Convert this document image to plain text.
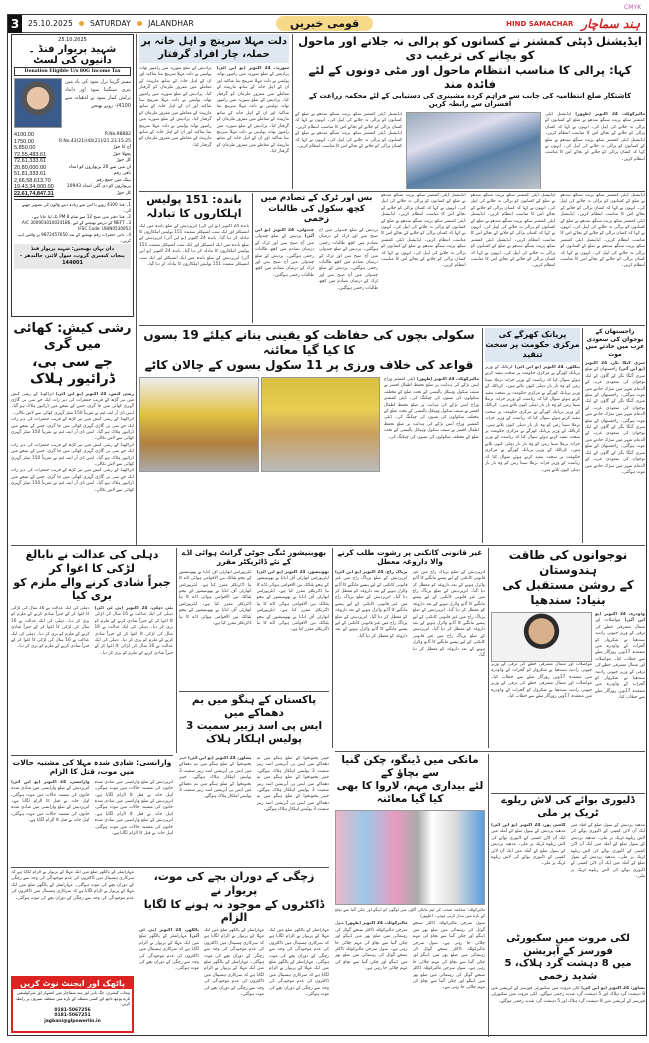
CMYK
3	25.10.2025 SATURDAY JALANDHAR	قومی خبریں	HIND SAMACHAR ہند سماچار
25.10.2025
شہید پریوار فنڈ ۔ دانیوں کی لسٹ
Donation Eligible U/s 80G Income Tax
مسز گریبا نرل سود کی یاد میں پتری سنگیتا سود اور داماد ترلش کمار سود نے لدھیانہ سے 4100/- روپے بھیجے
4100.00	R.No.98882
1750.00	R.No.43(21)/44(21)/21.23.15.25
5,850.00	آج کا جوڑ
72,55,483.61	پچھلا جوڑ
72,61,333.61	کل جوڑ
20,80,000.00	ان میں سے 20 پریواروں کو امداد
51,81,333.61	باقی رقم
2,66,58,613.70	بینک میں جمع رقم
19,43,34,900.00	10943 پریواروں کو دی گئی امداد
22,61,74,847.31	کل جوڑ
1۔ فنڈ 4100 روپے یا اس سے زیادہ دینے والوں کی تصویر چھپے گی۔
2۔ فنڈ دفتر میں صبح 12 سے شام 8 PM تک لیا جاتا ہے۔
3۔ NEFT کے ذریعے بھیجنے کے لیے A/C 300903010024186, IFSC Code: UBIN0530952
4۔ دانی حضرات رقم بھیجنے کے بعد 9872457650 پر واٹس ایپ کریں۔
دان یہاں بھیجیں: شہید پریوار فنڈ
پنجاب کیسری گروپ، سول لائنز، جالندھر - 144001
رشی کیش: کھائی میں گری
جے سی بی، ڈرائیور ہلاک
رشی کیش، 24 اکتوبر (یو این آئی) اتراکھنڈ کے رشی کیش میں نیر گڑھ کے قریب جمعرات کی دیر رات ایک جے سی بی گاڑی گہری کھائی میں جا گری، جس کے نتیجے میں ڈرائیور ہلاک ہو گیا۔ ایس ڈی آر ایف ٹیم نے تقریباً 150 میٹر گہری کھائی سے لاش نکالی۔
اتراکھنڈ کے رشی کیش میں نیر گڑھ کے قریب جمعرات کی دیر رات ایک جے سی بی گاڑی گہری کھائی میں جا گری، جس کے نتیجے میں ڈرائیور ہلاک ہو گیا۔ ایس ڈی آر ایف ٹیم نے تقریباً 150 میٹر گہری کھائی سے لاش نکالی۔
اتراکھنڈ کے رشی کیش میں نیر گڑھ کے قریب جمعرات کی دیر رات ایک جے سی بی گاڑی گہری کھائی میں جا گری، جس کے نتیجے میں ڈرائیور ہلاک ہو گیا۔ ایس ڈی آر ایف ٹیم نے تقریباً 150 میٹر گہری کھائی سے لاش نکالی۔
اتراکھنڈ کے رشی کیش میں نیر گڑھ کے قریب جمعرات کی دیر رات ایک جے سی بی گاڑی گہری کھائی میں جا گری، جس کے نتیجے میں ڈرائیور ہلاک ہو گیا۔ ایس ڈی آر ایف ٹیم نے تقریباً 150 میٹر گہری کھائی سے لاش نکالی۔
دلت مہلا سرپنچ و اہل خانہ پر حملہ، چار افراد گرفتار
سوریہ، 24 اکتوبر (یو این آئی) پرادیش کے ضلع سوریہ میں رامپور تھانہ پولیس نے دلت مہلا سرپنچ نیتا شاکیہ اور ان کے اہل خانہ کے ساتھ مارپیٹ کے معاملے میں مفرور ملزمان کو گرفتار کیا۔ پرادیش کے ضلع سوریہ میں رامپور تھانہ پولیس نے دلت مہلا سرپنچ نیتا شاکیہ اور ان کے اہل خانہ کے ساتھ مارپیٹ کے معاملے میں مفرور ملزمان کو گرفتار کیا۔ پرادیش کے ضلع سوریہ میں رامپور تھانہ پولیس نے دلت مہلا سرپنچ نیتا شاکیہ اور ان کے اہل خانہ کے ساتھ مارپیٹ کے معاملے میں مفرور ملزمان کو گرفتار کیا۔
پرادیش کے ضلع سوریہ میں رامپور تھانہ پولیس نے دلت مہلا سرپنچ نیتا شاکیہ اور ان کے اہل خانہ کے ساتھ مارپیٹ کے معاملے میں مفرور ملزمان کو گرفتار کیا۔ پرادیش کے ضلع سوریہ میں رامپور تھانہ پولیس نے دلت مہلا سرپنچ نیتا شاکیہ اور ان کے اہل خانہ کے ساتھ مارپیٹ کے معاملے میں مفرور ملزمان کو گرفتار کیا۔ پرادیش کے ضلع سوریہ میں رامپور تھانہ پولیس نے دلت مہلا سرپنچ نیتا شاکیہ اور ان کے اہل خانہ کے ساتھ مارپیٹ کے معاملے میں مفرور ملزمان کو گرفتار کیا۔
ایڈیشنل ڈپٹی کمشنر نے کسانوں کو پرالی نہ جلانے اور ماحول کو بچانے کی ترغیب دی
کہا: پرالی کا مناسب انتظام ماحول اور مٹی دونوں کے لئے فائدہ مند
کاشتکار ضلع انتظامیہ کی جانب سے فراہم کردہ مشینری کی دستیابی کے لئے محکمہ زراعت کے افسران سے رابطہ کریں
مالیرکوٹلہ، 24 اکتوبر (طہور) ایڈیشنل ڈپٹی کمشنر سکھ پریت سنگھ سدھو نے ضلع کے کسانوں کو پرالی نہ جلانے کی اپیل کی۔ انہوں نے کہا کہ کسان پرالی کو جلانے کے بجائے اس کا مناسب انتظام کریں۔ ایڈیشنل ڈپٹی کمشنر سکھ پریت سنگھ سدھو نے ضلع کے کسانوں کو پرالی نہ جلانے کی اپیل کی۔ انہوں نے کہا کہ کسان پرالی کو جلانے کے بجائے اس کا مناسب انتظام کریں۔
ایڈیشنل ڈپٹی کمشنر سکھ پریت سنگھ سدھو نے ضلع کے کسانوں کو پرالی نہ جلانے کی اپیل کی۔ انہوں نے کہا کہ کسان پرالی کو جلانے کے بجائے اس کا مناسب انتظام کریں۔ ایڈیشنل ڈپٹی کمشنر سکھ پریت سنگھ سدھو نے ضلع کے کسانوں کو پرالی نہ جلانے کی اپیل کی۔ انہوں نے کہا کہ کسان پرالی کو جلانے کے بجائے اس کا مناسب انتظام کریں۔
ایڈیشنل ڈپٹی کمشنر سکھ پریت سنگھ سدھو نے ضلع کے کسانوں کو پرالی نہ جلانے کی اپیل کی۔ انہوں نے کہا کہ کسان پرالی کو جلانے کے بجائے اس کا مناسب انتظام کریں۔ ایڈیشنل ڈپٹی کمشنر سکھ پریت سنگھ سدھو نے ضلع کے کسانوں کو پرالی نہ جلانے کی اپیل کی۔ انہوں نے کہا کہ کسان پرالی کو جلانے کے بجائے اس کا مناسب انتظام کریں۔ ایڈیشنل ڈپٹی کمشنر سکھ پریت سنگھ سدھو نے ضلع کے کسانوں کو پرالی نہ جلانے کی اپیل کی۔ انہوں نے کہا کہ کسان پرالی کو جلانے کے بجائے اس کا مناسب انتظام کریں۔
ایڈیشنل ڈپٹی کمشنر سکھ پریت سنگھ سدھو نے ضلع کے کسانوں کو پرالی نہ جلانے کی اپیل کی۔ انہوں نے کہا کہ کسان پرالی کو جلانے کے بجائے اس کا مناسب انتظام کریں۔ ایڈیشنل ڈپٹی کمشنر سکھ پریت سنگھ سدھو نے ضلع کے کسانوں کو پرالی نہ جلانے کی اپیل کی۔ انہوں نے کہا کہ کسان پرالی کو جلانے کے بجائے اس کا مناسب انتظام کریں۔ ایڈیشنل ڈپٹی کمشنر سکھ پریت سنگھ سدھو نے ضلع کے کسانوں کو پرالی نہ جلانے کی اپیل کی۔ انہوں نے کہا کہ کسان پرالی کو جلانے کے بجائے اس کا مناسب انتظام کریں۔
ایڈیشنل ڈپٹی کمشنر سکھ پریت سنگھ سدھو نے ضلع کے کسانوں کو پرالی نہ جلانے کی اپیل کی۔ انہوں نے کہا کہ کسان پرالی کو جلانے کے بجائے اس کا مناسب انتظام کریں۔ ایڈیشنل ڈپٹی کمشنر سکھ پریت سنگھ سدھو نے ضلع کے کسانوں کو پرالی نہ جلانے کی اپیل کی۔ انہوں نے کہا کہ کسان پرالی کو جلانے کے بجائے اس کا مناسب انتظام کریں۔ ایڈیشنل ڈپٹی کمشنر سکھ پریت سنگھ سدھو نے ضلع کے کسانوں کو پرالی نہ جلانے کی اپیل کی۔ انہوں نے کہا کہ کسان پرالی کو جلانے کے بجائے اس کا مناسب انتظام کریں۔
باندہ: 151 پولیس
اہلکاروں کا تبادلہ
باندہ 24 اکتوبر (یو این آئی) اترپردیش کے ضلع باندہ میں ایک انسپکٹر اور ایک سب انسپکٹر سمیت 151 پولیس اہلکاروں کا تبادلہ کر دیا گیا۔ باندہ 24 اکتوبر (یو این آئی) اترپردیش کے ضلع باندہ میں ایک انسپکٹر اور ایک سب انسپکٹر سمیت 151 پولیس اہلکاروں کا تبادلہ کر دیا گیا۔ باندہ 24 اکتوبر (یو این آئی) اترپردیش کے ضلع باندہ میں ایک انسپکٹر اور ایک سب انسپکٹر سمیت 151 پولیس اہلکاروں کا تبادلہ کر دیا گیا۔
بس اور ٹرک کے تصادم میں کچھ سکول کی طالبات زخمی
پردیش کے ضلع چندولی میں آج صبح بس اور ٹرک کے درمیان تصادم میں کچھ طالبات زخمی ہوگئیں۔ پردیش کے ضلع چندولی میں آج صبح بس اور ٹرک کے درمیان تصادم میں کچھ طالبات زخمی ہوگئیں۔ پردیش کے ضلع چندولی میں آج صبح بس اور ٹرک کے درمیان تصادم میں کچھ طالبات زخمی ہوگئیں۔
چندولی، 24 اکتوبر (یو این آئی) پردیش کے ضلع چندولی میں آج صبح بس اور ٹرک کے درمیان تصادم میں کچھ طالبات زخمی ہوگئیں۔ پردیش کے ضلع چندولی میں آج صبح بس اور ٹرک کے درمیان تصادم میں کچھ طالبات زخمی ہوگئیں۔
سکولی بچوں کی حفاظت کو یقینی بنانے کیلئے 19 بسوں کا کیا گیا معائنہ
قواعد کی خلاف ورزی پر 11 سکول بسوں کے چالان کاٹے
مالیرکوٹلہ، 24 اکتوبر (طہور) ڈپٹی کمشنر وراج ایس تڑکے کی ہدایت پر ضلع تحفظ اطفال افسر نے سیف سکول وہیکل پالیسی کے تحت ضلع کے مختلف سکولوں کی بسوں کی چیکنگ کی۔ ڈپٹی کمشنر وراج ایس تڑکے کی ہدایت پر ضلع تحفظ اطفال افسر نے سیف سکول وہیکل پالیسی کے تحت ضلع کے مختلف سکولوں کی بسوں کی چیکنگ کی۔ ڈپٹی کمشنر وراج ایس تڑکے کی ہدایت پر ضلع تحفظ اطفال افسر نے سیف سکول وہیکل پالیسی کے تحت ضلع کے مختلف سکولوں کی بسوں کی چیکنگ کی۔
پریانک کھرگے کی مرکزی حکومت پر سخت تنقید
بنگلور، 24 اکتوبر (یو این آئی) کرناٹک کے وزیر پریانک کھرگے نے مرکزی حکومت پر سخت تنقید کرتے ہوئے سوال کیا کہ ریاست کے وزیر خزانہ نرملا سیتا رمن کو وہ بار بار دہلی کیوں بلاتے ہیں۔ کرناٹک کے وزیر پریانک کھرگے نے مرکزی حکومت پر سخت تنقید کرتے ہوئے سوال کیا کہ ریاست کے وزیر خزانہ نرملا سیتا رمن کو وہ بار بار دہلی کیوں بلاتے ہیں۔ کرناٹک کے وزیر پریانک کھرگے نے مرکزی حکومت پر سخت تنقید کرتے ہوئے سوال کیا کہ ریاست کے وزیر خزانہ نرملا سیتا رمن کو وہ بار بار دہلی کیوں بلاتے ہیں۔ کرناٹک کے وزیر پریانک کھرگے نے مرکزی حکومت پر سخت تنقید کرتے ہوئے سوال کیا کہ ریاست کے وزیر خزانہ نرملا سیتا رمن کو وہ بار بار دہلی کیوں بلاتے ہیں۔ کرناٹک کے وزیر پریانک کھرگے نے مرکزی حکومت پر سخت تنقید کرتے ہوئے سوال کیا کہ ریاست کے وزیر خزانہ نرملا سیتا رمن کو وہ بار بار دہلی کیوں بلاتے ہیں۔
راجستھان کے نوجوان کی سعودی عرب میں حادثے میں موت
سری گنگا نگر، 24 اکتوبر (یو این آئی) راجستھان کے ضلع سری گنگا نگر کے گاؤں کے ایک نوجوان کی سعودی عرب کے الدمام شہر میں سڑک حادثے میں موت ہوگئی۔ راجستھان کے ضلع سری گنگا نگر کے گاؤں کے ایک نوجوان کی سعودی عرب کے الدمام شہر میں سڑک حادثے میں موت ہوگئی۔ راجستھان کے ضلع سری گنگا نگر کے گاؤں کے ایک نوجوان کی سعودی عرب کے الدمام شہر میں سڑک حادثے میں موت ہوگئی۔ راجستھان کے ضلع سری گنگا نگر کے گاؤں کے ایک نوجوان کی سعودی عرب کے الدمام شہر میں سڑک حادثے میں موت ہوگئی۔
دہلی کی عدالت نے نابالغ لڑکی کا اغوا کر
جبراً شادی کرنے والے ملزم کو بری کیا
نئی دہلی، 24 اکتوبر (پی ٹی آئی) دہلی کی ایک عدالت نے 16 سال کی لڑکی کا اغوا کر کے جبراً شادی کرنے کے ملزم کو بری کر دیا۔ دہلی کی ایک عدالت نے 16 سال کی لڑکی کا اغوا کر کے جبراً شادی کرنے کے ملزم کو بری کر دیا۔ دہلی کی ایک عدالت نے 16 سال کی لڑکی کا اغوا کر کے جبراً شادی کرنے کے ملزم کو بری کر دیا۔
دہلی کی ایک عدالت نے 16 سال کی لڑکی کا اغوا کر کے جبراً شادی کرنے کے ملزم کو بری کر دیا۔ دہلی کی ایک عدالت نے 16 سال کی لڑکی کا اغوا کر کے جبراً شادی کرنے کے ملزم کو بری کر دیا۔ دہلی کی ایک عدالت نے 16 سال کی لڑکی کا اغوا کر کے جبراً شادی کرنے کے ملزم کو بری کر دیا۔
بھوبنیشور ٹنگی جوٹی گرانٹ ہوائی اڈے کے نئے ڈائریکٹر مقرر
بھونیشور، 24 اکتوبر (یو این آئی) ایئرپورٹس اتھارٹی آف انڈیا نے بھوبنیشور کے بیجو پٹنائک بین الاقوامی ہوائی اڈے کا نیا ڈائریکٹر مقرر کیا ہے۔ ایئرپورٹس اتھارٹی آف انڈیا نے بھوبنیشور کے بیجو پٹنائک بین الاقوامی ہوائی اڈے کا نیا ڈائریکٹر مقرر کیا ہے۔ ایئرپورٹس اتھارٹی آف انڈیا نے بھوبنیشور کے بیجو پٹنائک بین الاقوامی ہوائی اڈے کا نیا ڈائریکٹر مقرر کیا ہے۔
ایئرپورٹس اتھارٹی آف انڈیا نے بھوبنیشور کے بیجو پٹنائک بین الاقوامی ہوائی اڈے کا نیا ڈائریکٹر مقرر کیا ہے۔ ایئرپورٹس اتھارٹی آف انڈیا نے بھوبنیشور کے بیجو پٹنائک بین الاقوامی ہوائی اڈے کا نیا ڈائریکٹر مقرر کیا ہے۔ ایئرپورٹس اتھارٹی آف انڈیا نے بھوبنیشور کے بیجو پٹنائک بین الاقوامی ہوائی اڈے کا نیا ڈائریکٹر مقرر کیا ہے۔
غیر قانونی کانکنی پر رشوت طلب کرنے والا داروغہ معطل
اترپردیش کے ضلع پریاگ راج میں غیر قانونی کانکنی کے لیے پیسے مانگنے کا آڈیو وائرل ہونے کے بعد داروغہ کو معطل کر دیا گیا۔ اترپردیش کے ضلع پریاگ راج میں غیر قانونی کانکنی کے لیے پیسے مانگنے کا آڈیو وائرل ہونے کے بعد داروغہ کو معطل کر دیا گیا۔ اترپردیش کے ضلع پریاگ راج میں غیر قانونی کانکنی کے لیے پیسے مانگنے کا آڈیو وائرل ہونے کے بعد داروغہ کو معطل کر دیا گیا۔ اترپردیش کے ضلع پریاگ راج میں غیر قانونی کانکنی کے لیے پیسے مانگنے کا آڈیو وائرل ہونے کے بعد داروغہ کو معطل کر دیا گیا۔
پریاگ راج، 24 اکتوبر (یو این آئی) اترپردیش کے ضلع پریاگ راج میں غیر قانونی کانکنی کے لیے پیسے مانگنے کا آڈیو وائرل ہونے کے بعد داروغہ کو معطل کر دیا گیا۔ اترپردیش کے ضلع پریاگ راج میں غیر قانونی کانکنی کے لیے پیسے مانگنے کا آڈیو وائرل ہونے کے بعد داروغہ کو معطل کر دیا گیا۔ اترپردیش کے ضلع پریاگ راج میں غیر قانونی کانکنی کے لیے پیسے مانگنے کا آڈیو وائرل ہونے کے بعد داروغہ کو معطل کر دیا گیا۔
نوجوانوں کی طاقت ہندوستان
کے روشن مستقبل کی بنیاد: سندھیا
وڈودرہ، 24 اکتوبر (یو این آئی) مواصلات اور شمال مشرقی خطے کی ترقی کے وزیر جیوتی رادتیہ سندھیا نے شکروار کو گجرات کے وڈودرہ میں منعقدہ 17ویں روزگار میلے سے خطاب کیا۔ مواصلات اور شمال مشرقی خطے کی ترقی کے وزیر جیوتی رادتیہ سندھیا نے شکروار کو گجرات کے وڈودرہ میں منعقدہ 17ویں روزگار میلے سے خطاب کیا۔
مواصلات اور شمال مشرقی خطے کی ترقی کے وزیر جیوتی رادتیہ سندھیا نے شکروار کو گجرات کے وڈودرہ میں منعقدہ 17ویں روزگار میلے سے خطاب کیا۔ مواصلات اور شمال مشرقی خطے کی ترقی کے وزیر جیوتی رادتیہ سندھیا نے شکروار کو گجرات کے وڈودرہ میں منعقدہ 17ویں روزگار میلے سے خطاب کیا۔
پاکستان کے ہنگو میں بم دھماکے میں
ایس پی اسد زبیر سمیت 3 پولیس اہلکار ہلاک
وارانسی: شادی شدہ مہلا کی مشتبہ حالات میں موت، قتل کا الزام
اترپردیش کے ضلع وارانسی میں شادی شدہ خاتون کی مشتبہ حالات میں موت ہوگئی، اہل خانہ نے قتل کا الزام لگایا ہے۔ اترپردیش کے ضلع وارانسی میں شادی شدہ خاتون کی مشتبہ حالات میں موت ہوگئی، اہل خانہ نے قتل کا الزام لگایا ہے۔ اترپردیش کے ضلع وارانسی میں شادی شدہ خاتون کی مشتبہ حالات میں موت ہوگئی، اہل خانہ نے قتل کا الزام لگایا ہے۔
وارانسی، 24 اکتوبر (یو این آئی) اترپردیش کے ضلع وارانسی میں شادی شدہ خاتون کی مشتبہ حالات میں موت ہوگئی، اہل خانہ نے قتل کا الزام لگایا ہے۔ اترپردیش کے ضلع وارانسی میں شادی شدہ خاتون کی مشتبہ حالات میں موت ہوگئی، اہل خانہ نے قتل کا الزام لگایا ہے۔
خیبر پختونخوا کے ضلع ہنگو میں بم دھماکے میں ایس پی آپریشن اسد زبیر سمیت 3 پولیس اہلکار ہلاک ہوگئے۔ خیبر پختونخوا کے ضلع ہنگو میں بم دھماکے میں ایس پی آپریشن اسد زبیر سمیت 3 پولیس اہلکار ہلاک ہوگئے۔ خیبر پختونخوا کے ضلع ہنگو میں بم دھماکے میں ایس پی آپریشن اسد زبیر سمیت 3 پولیس اہلکار ہلاک ہوگئے۔
پشاور، 24 اکتوبر (یو این آئی) خیبر پختونخوا کے ضلع ہنگو میں بم دھماکے میں ایس پی آپریشن اسد زبیر سمیت 3 پولیس اہلکار ہلاک ہوگئے۔ خیبر پختونخوا کے ضلع ہنگو میں بم دھماکے میں ایس پی آپریشن اسد زبیر سمیت 3 پولیس اہلکار ہلاک ہوگئے۔
مانکی میں ڈینگو، چکن گنیا سے بچاؤ کے
لئے بیداری مہم، لاروا کا بھی کیا گیا معائنہ
مالیرکوٹلہ: محکمہ صحت کی ٹیم مانکی گاؤں میں لوگوں کو ڈینگو اور چکن گنیا سے بچاؤ کے بارے میں بیدار کرتی ہوئی۔ (طہور)
سول سرجن مالیرکوٹلہ ڈاکٹر سنجے گوئل کی رہنمائی میں ضلع بھر میں ڈینگو اور چکن گنیا سے بچاؤ کی مہم چلائی جا رہی ہے۔ سول سرجن مالیرکوٹلہ ڈاکٹر سنجے گوئل کی رہنمائی میں ضلع بھر میں ڈینگو اور چکن گنیا سے بچاؤ کی مہم چلائی جا رہی ہے۔ سول سرجن مالیرکوٹلہ ڈاکٹر سنجے گوئل کی رہنمائی میں ضلع بھر میں ڈینگو اور چکن گنیا سے بچاؤ کی مہم چلائی جا رہی ہے۔
مالیرکوٹلہ، 24 اکتوبر (طہور) سول سرجن مالیرکوٹلہ ڈاکٹر سنجے گوئل کی رہنمائی میں ضلع بھر میں ڈینگو اور چکن گنیا سے بچاؤ کی مہم چلائی جا رہی ہے۔ سول سرجن مالیرکوٹلہ ڈاکٹر سنجے گوئل کی رہنمائی میں ضلع بھر میں ڈینگو اور چکن گنیا سے بچاؤ کی مہم چلائی جا رہی ہے۔
ڈلیوری بوائے کی لاش ریلوے ٹریک پر ملی
مدھیہ پردیش کے بیتول ضلع کے آملہ میں ایک آن لائن کمپنی کے ڈلیوری بوائے کی لاش ریلوے ٹریک پر ملی۔ مدھیہ پردیش کے بیتول ضلع کے آملہ میں ایک آن لائن کمپنی کے ڈلیوری بوائے کی لاش ریلوے ٹریک پر ملی۔ مدھیہ پردیش کے بیتول ضلع کے آملہ میں ایک آن لائن کمپنی کے ڈلیوری بوائے کی لاش ریلوے ٹریک پر ملی۔
کاشی پور، 24 اکتوبر (یو این آئی) مدھیہ پردیش کے بیتول ضلع کے آملہ میں ایک آن لائن کمپنی کے ڈلیوری بوائے کی لاش ریلوے ٹریک پر ملی۔ مدھیہ پردیش کے بیتول ضلع کے آملہ میں ایک آن لائن کمپنی کے ڈلیوری بوائے کی لاش ریلوے ٹریک پر ملی۔
لکی مروت میں سکیورٹی فورسز کے آپریشن
میں 8 دہشت گرد ہلاک، 5 شدید زخمی
پشاور، 24 اکتوبر (یو این آئی) لکی مروت میں سکیورٹی فورسز کے آپریشن میں 8 دہشت گرد ہلاک اور 5 دہشت گرد شدید زخمی ہوگئے۔ لکی مروت میں سکیورٹی فورسز کے آپریشن میں 8 دہشت گرد ہلاک اور 5 دہشت گرد شدید زخمی ہوگئے۔
زچگی کے دوران بچے کی موت، پریوار نے
ڈاکٹروں کے موجود نہ ہونے کا لگایا الزام
مہاراشٹر کے پالگھر ضلع میں ایک مہلا کے پریوار نے الزام لگایا ہے کہ سرکاری ہسپتال میں ڈاکٹروں کی عدم موجودگی کی وجہ سے زچگی کے دوران بچے کی موت ہوگئی۔ مہاراشٹر کے پالگھر ضلع میں ایک مہلا کے پریوار نے الزام لگایا ہے کہ سرکاری ہسپتال میں ڈاکٹروں کی عدم موجودگی کی وجہ سے زچگی کے دوران بچے کی موت ہوگئی۔
مہاراشٹر کے پالگھر ضلع میں ایک مہلا کے پریوار نے الزام لگایا ہے کہ سرکاری ہسپتال میں ڈاکٹروں کی عدم موجودگی کی وجہ سے زچگی کے دوران بچے کی موت ہوگئی۔ مہاراشٹر کے پالگھر ضلع میں ایک مہلا کے پریوار نے الزام لگایا ہے کہ سرکاری ہسپتال میں ڈاکٹروں کی عدم موجودگی کی وجہ سے زچگی کے دوران بچے کی موت ہوگئی۔
پالگھر، 24 اکتوبر (پی ٹی آئی) مہاراشٹر کے پالگھر ضلع میں ایک مہلا کے پریوار نے الزام لگایا ہے کہ سرکاری ہسپتال میں ڈاکٹروں کی عدم موجودگی کی وجہ سے زچگی کے دوران بچے کی موت ہوگئی۔
مہاراشٹر کے پالگھر ضلع میں ایک مہلا کے پریوار نے الزام لگایا ہے کہ سرکاری ہسپتال میں ڈاکٹروں کی عدم موجودگی کی وجہ سے زچگی کے دوران بچے کی موت ہوگئی۔ مہاراشٹر کے پالگھر ضلع میں ایک مہلا کے پریوار نے الزام لگایا ہے کہ سرکاری ہسپتال میں ڈاکٹروں کی عدم موجودگی کی وجہ سے زچگی کے دوران بچے کی موت ہوگئی۔
پاٹھک اور ایجنٹ نوٹ کریں
پنجاب کیسری، جگ بانی اور ہند سماچار میں اشتہار اور سرکولیشن بارے پوچھ تاچھ اور کسی مسئلہ کے بارے میں متعلقہ نمبروں پر رابطہ کریں:
0181-5067256
0181-5067251
jagbani@glpowerlin.in
